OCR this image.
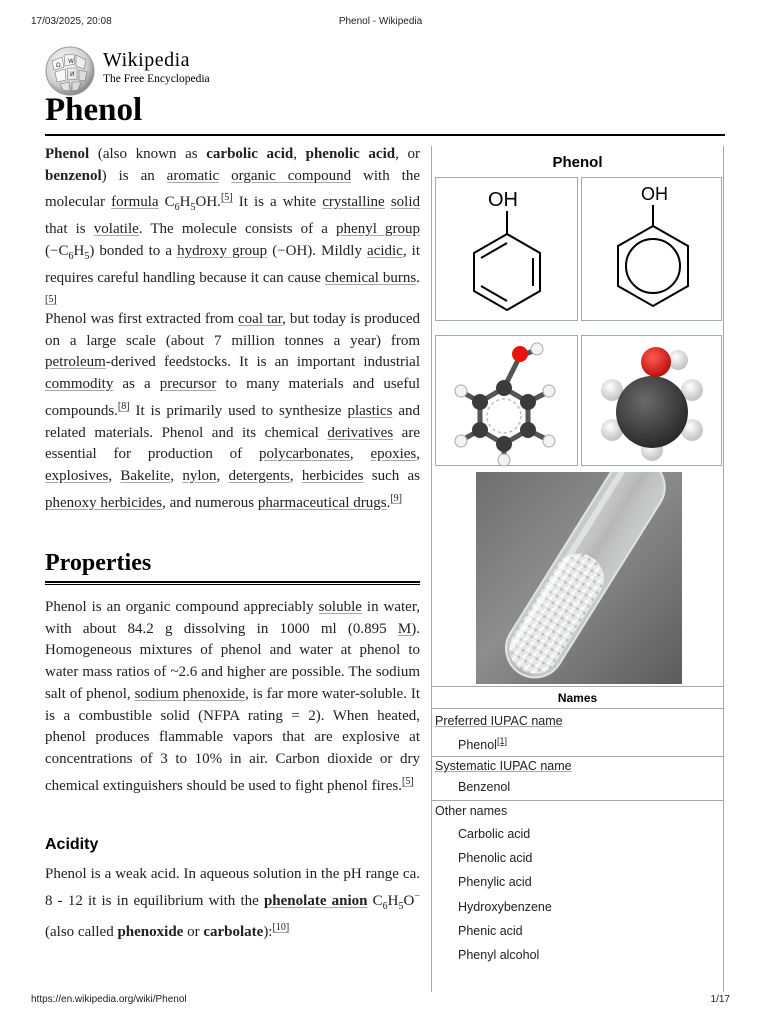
17/03/2025, 20:08	Phenol - Wikipedia
Ω
W
И
Wikipedia
The Free Encyclopedia
Phenol

Phenol (also known as carbolic acid, phenolic acid, or benzenol) is an aromatic organic compound with the molecular formula $C_6H_5OH.[5]$ It is a white crystalline solid that is volatile. The molecule consists of a phenyl group $(-C_6H_5)$ bonded to a hydroxy group (−OH). Mildly acidic, it requires careful handling because it can cause chemical burns.[5]

Phenol was first extracted from coal tar, but today is produced on a large scale (about 7 million tonnes a year) from petroleum-derived feedstocks. It is an important industrial commodity as a precursor to many materials and useful compounds.[8] It is primarily used to synthesize plastics and related materials. Phenol and its chemical derivatives are essential for production of polycarbonates, epoxies, explosives, Bakelite, nylon, detergents, herbicides such as phenoxy herbicides, and numerous pharmaceutical drugs.[9]

Properties

Phenol is an organic compound appreciably soluble in water, with about 84.2 g dissolving in 1000 ml (0.895 M). Homogeneous mixtures of phenol and water at phenol to water mass ratios of ~2.6 and higher are possible. The sodium salt of phenol, sodium phenoxide, is far more water-soluble. It is a combustible solid (NFPA rating = 2). When heated, phenol produces flammable vapors that are explosive at concentrations of 3 to 10% in air. Carbon dioxide or dry chemical extinguishers should be used to fight phenol fires.[5]

Acidity

Phenol is a weak acid. In aqueous solution in the pH range ca. 8 - 12 it is in equilibrium with the phenolate anion $C_6H_5O^-$ (also called phenoxide or carbolate):[10]

Phenol
OH	OH
Names
Preferred IUPAC name
Phenol[1]
Systematic IUPAC name
Benzenol
Other names
Carbolic acid
Phenolic acid
Phenylic acid
Hydroxybenzene
Phenic acid
Phenyl alcohol
https://en.wikipedia.org/wiki/Phenol	1/17
